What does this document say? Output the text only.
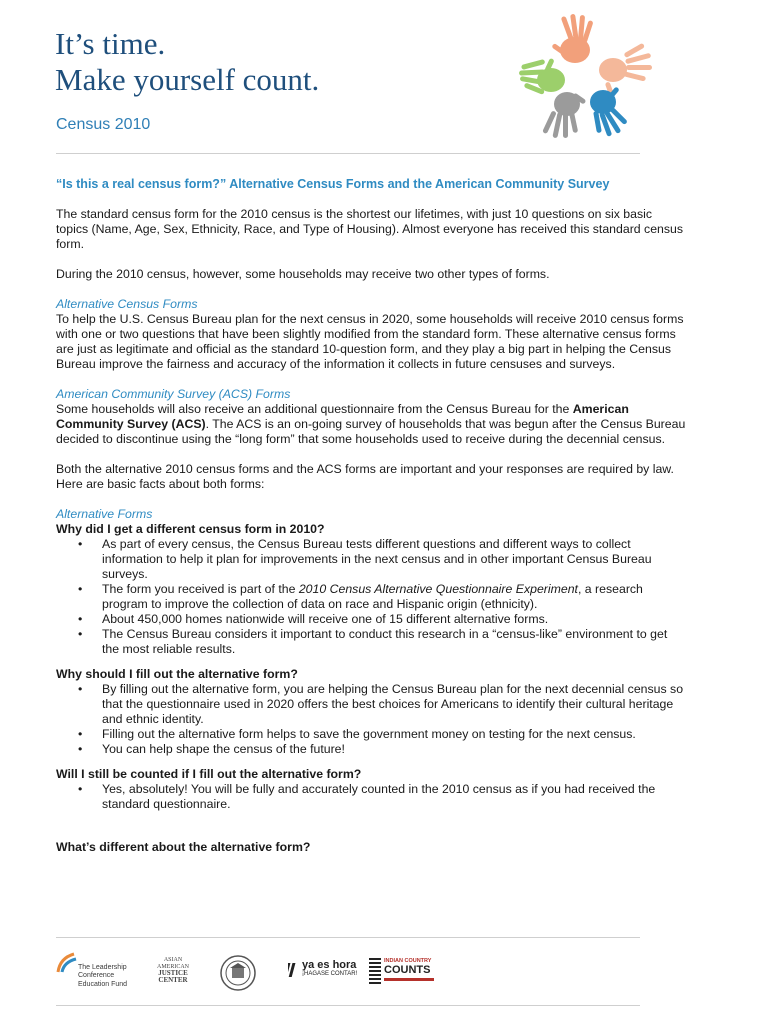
It’s time.
Make yourself count.
Census 2010

“Is this a real census form?” Alternative Census Forms and the American Community Survey

The standard census form for the 2010 census is the shortest our lifetimes, with just 10 questions on six basic topics (Name, Age, Sex, Ethnicity, Race, and Type of Housing). Almost everyone has received this standard census form.

During the 2010 census, however, some households may receive two other types of forms.

Alternative Census Forms

To help the U.S. Census Bureau plan for the next census in 2020, some households will receive 2010 census forms with one or two questions that have been slightly modified from the standard form. These alternative census forms are just as legitimate and official as the standard 10-question form, and they play a big part in helping the Census Bureau improve the fairness and accuracy of the information it collects in future censuses and surveys.

American Community Survey (ACS) Forms

Some households will also receive an additional questionnaire from the Census Bureau for the American Community Survey (ACS). The ACS is an on-going survey of households that was begun after the Census Bureau decided to discontinue using the “long form” that some households used to receive during the decennial census.

Both the alternative 2010 census forms and the ACS forms are important and your responses are required by law. Here are basic facts about both forms:

Alternative Forms

Why did I get a different census form in 2010?

• As part of every census, the Census Bureau tests different questions and different ways to collect information to help it plan for improvements in the next census and in other important Census Bureau surveys.
• The form you received is part of the 2010 Census Alternative Questionnaire Experiment, a research program to improve the collection of data on race and Hispanic origin (ethnicity).
• About 450,000 homes nationwide will receive one of 15 different alternative forms.
• The Census Bureau considers it important to conduct this research in a “census-like” environment to get the most reliable results.

Why should I fill out the alternative form?

• By filling out the alternative form, you are helping the Census Bureau plan for the next decennial census so that the questionnaire used in 2020 offers the best choices for Americans to identify their cultural heritage and ethnic identity.
• Filling out the alternative form helps to save the government money on testing for the next census.
• You can help shape the census of the future!

Will I still be counted if I fill out the alternative form?

• Yes, absolutely! You will be fully and accurately counted in the 2010 census as if you had received the standard questionnaire.

What’s different about the alternative form?

The Leadership
Conference
Education Fund
ASIAN
AMERICAN
JUSTICE
CENTER
ya es hora
¡HAGASE CONTAR!
INDIAN COUNTRY
COUNTS
